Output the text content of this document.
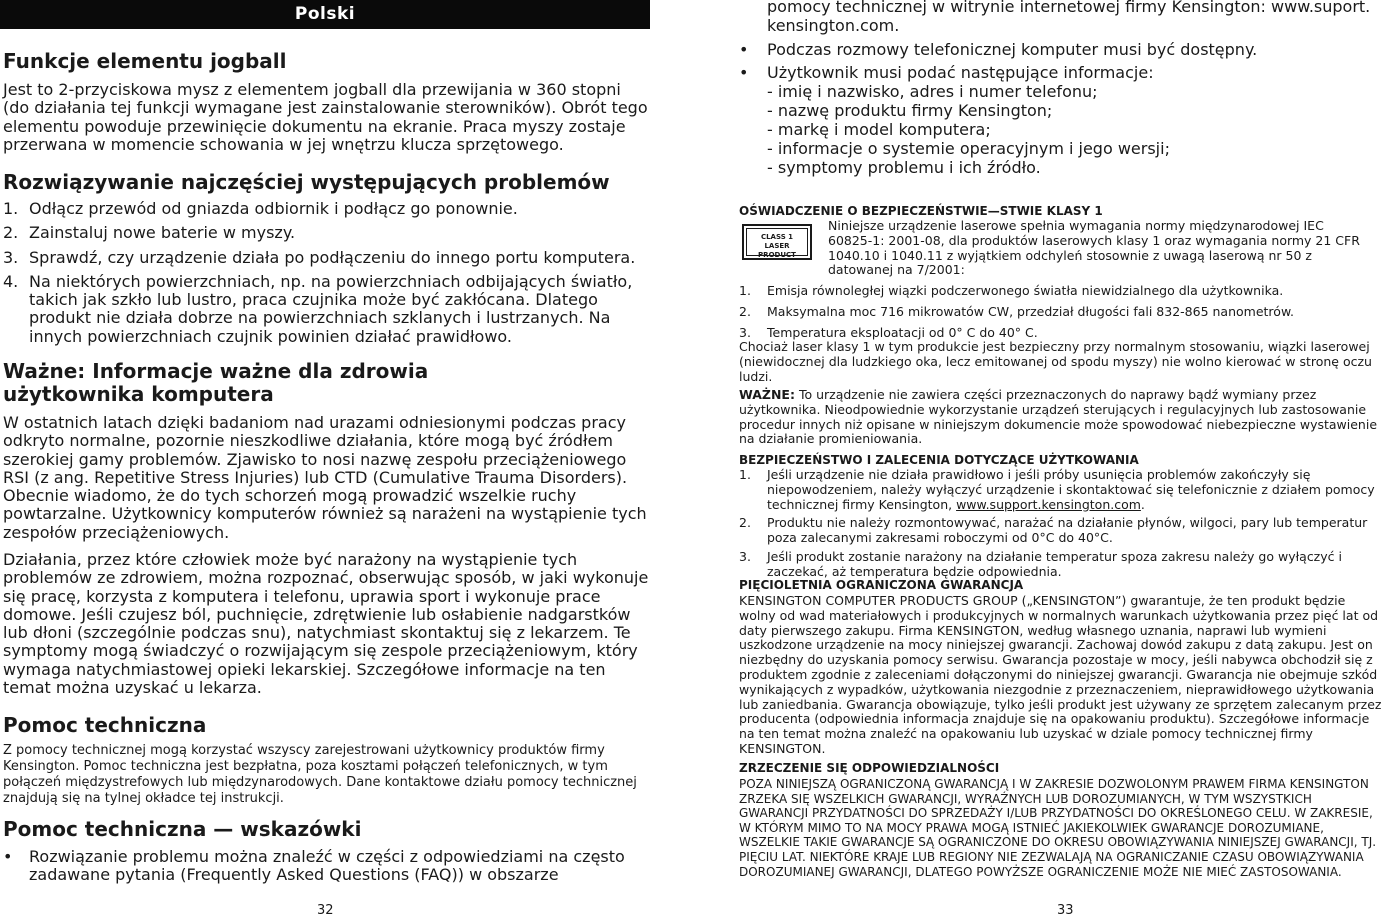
Polski
Funkcje elementu jogball

Jest to 2-przyciskowa mysz z elementem jogball dla przewijania w 360 stopni (do działania tej funkcji wymagane jest zainstalowanie sterowników). Obrót tego elementu powoduje przewinięcie dokumentu na ekranie. Praca myszy zostaje przerwana w momencie schowania w jej wnętrzu klucza sprzętowego.

Rozwiązywanie najczęściej występujących problemów
1. Odłącz przewód od gniazda odbiornik i podłącz go ponownie.
2. Zainstaluj nowe baterie w myszy.
3. Sprawdź, czy urządzenie działa po podłączeniu do innego portu komputera.
4. Na niektórych powierzchniach, np. na powierzchniach odbijających światło, takich jak szkło lub lustro, praca czujnika może być zakłócana. Dlatego produkt nie działa dobrze na powierzchniach szklanych i lustrzanych. Na innych powierzchniach czujnik powinien działać prawidłowo.
Ważne: Informacje ważne dla zdrowia użytkownika komputera

W ostatnich latach dzięki badaniom nad urazami odniesionymi podczas pracy odkryto normalne, pozornie nieszkodliwe działania, które mogą być źródłem szerokiej gamy problemów. Zjawisko to nosi nazwę zespołu przeciążeniowego RSI (z ang. Repetitive Stress Injuries) lub CTD (Cumulative Trauma Disorders). Obecnie wiadomo, że do tych schorzeń mogą prowadzić wszelkie ruchy powtarzalne. Użytkownicy komputerów również są narażeni na wystąpienie tych zespołów przeciążeniowych.

Działania, przez które człowiek może być narażony na wystąpienie tych problemów ze zdrowiem, można rozpoznać, obserwując sposób, w jaki wykonuje się pracę, korzysta z komputera i telefonu, uprawia sport i wykonuje prace domowe. Jeśli czujesz ból, puchnięcie, zdrętwienie lub osłabienie nadgarstków lub dłoni (szczególnie podczas snu), natychmiast skontaktuj się z lekarzem. Te symptomy mogą świadczyć o rozwijającym się zespole przeciążeniowym, który wymaga natychmiastowej opieki lekarskiej. Szczegółowe informacje na ten temat można uzyskać u lekarza.

Pomoc techniczna

Z pomocy technicznej mogą korzystać wszyscy zarejestrowani użytkownicy produktów firmy Kensington. Pomoc techniczna jest bezpłatna, poza kosztami połączeń telefonicznych, w tym połączeń międzystrefowych lub międzynarodowych. Dane kontaktowe działu pomocy technicznej znajdują się na tylnej okładce tej instrukcji.

Pomoc techniczna — wskazówki
• Rozwiązanie problemu można znaleźć w części z odpowiedziami na często zadawane pytania (Frequently Asked Questions (FAQ)) w obszarze
32

pomocy technicznej w witrynie internetowej firmy Kensington: www.suport. kensington.com.

• Podczas rozmowy telefonicznej komputer musi być dostępny.
• Użytkownik musi podać następujące informacje:
- imię i nazwisko, adres i numer telefonu;
- nazwę produktu firmy Kensington;
- markę i model komputera;
- informacje o systemie operacyjnym i jego wersji;
- symptomy problemu i ich źródło.
OŚWIADCZENIE O BEZPIECZEŃSTWIE—STWIE KLASY 1
CLASS 1
LASER PRODUCT

Niniejsze urządzenie laserowe spełnia wymagania normy międzynarodowej IEC 60825-1: 2001-08, dla produktów laserowych klasy 1 oraz wymagania normy 21 CFR 1040.10 i 1040.11 z wyjątkiem odchyleń stosownie z uwagą laserową nr 50 z datowanej na 7/2001:

1. Emisja równoległej wiązki podczerwonego światła niewidzialnego dla użytkownika.
2. Maksymalna moc 716 mikrowatów CW, przedział długości fali 832-865 nanometrów.
3. Temperatura eksploatacji od 0° C do 40° C.

Chociaż laser klasy 1 w tym produkcie jest bezpieczny przy normalnym stosowaniu, wiązki laserowej (niewidocznej dla ludzkiego oka, lecz emitowanej od spodu myszy) nie wolno kierować w stronę oczu ludzi.

WAŻNE: To urządzenie nie zawiera części przeznaczonych do naprawy bądź wymiany przez użytkownika. Nieodpowiednie wykorzystanie urządzeń sterujących i regulacyjnych lub zastosowanie procedur innych niż opisane w niniejszym dokumencie może spowodować niebezpieczne wystawienie na działanie promieniowania.

BEZPIECZEŃSTWO I ZALECENIA DOTYCZĄCE UŻYTKOWANIA
1. Jeśli urządzenie nie działa prawidłowo i jeśli próby usunięcia problemów zakończyły się niepowodzeniem, należy wyłączyć urządzenie i skontaktować się telefonicznie z działem pomocy technicznej firmy Kensington, www.support.kensington.com.
2. Produktu nie należy rozmontowywać, narażać na działanie płynów, wilgoci, pary lub temperatur poza zalecanymi zakresami roboczymi od 0°C do 40°C.
3. Jeśli produkt zostanie narażony na działanie temperatur spoza zakresu należy go wyłączyć i zaczekać, aż temperatura będzie odpowiednia.
PIĘCIOLETNIA OGRANICZONA GWARANCJA

KENSINGTON COMPUTER PRODUCTS GROUP („KENSINGTON”) gwarantuje, że ten produkt będzie wolny od wad materiałowych i produkcyjnych w normalnych warunkach użytkowania przez pięć lat od daty pierwszego zakupu. Firma KENSINGTON, według własnego uznania, naprawi lub wymieni uszkodzone urządzenie na mocy niniejszej gwarancji. Zachowaj dowód zakupu z datą zakupu. Jest on niezbędny do uzyskania pomocy serwisu. Gwarancja pozostaje w mocy, jeśli nabywca obchodził się z produktem zgodnie z zaleceniami dołączonymi do niniejszej gwarancji. Gwarancja nie obejmuje szkód wynikających z wypadków, użytkowania niezgodnie z przeznaczeniem, nieprawidłowego użytkowania lub zaniedbania. Gwarancja obowiązuje, tylko jeśli produkt jest używany ze sprzętem zalecanym przez producenta (odpowiednia informacja znajduje się na opakowaniu produktu). Szczegółowe informacje na ten temat można znaleźć na opakowaniu lub uzyskać w dziale pomocy technicznej firmy KENSINGTON.

ZRZECZENIE SIĘ ODPOWIEDZIALNOŚCI

POZA NINIEJSZĄ OGRANICZONĄ GWARANCJĄ I W ZAKRESIE DOZWOLONYM PRAWEM FIRMA KENSINGTON ZRZEKA SIĘ WSZELKICH GWARANCJI, WYRAŹNYCH LUB DOROZUMIANYCH, W TYM WSZYSTKICH GWARANCJI PRZYDATNOŚCI DO SPRZEDAŻY I/LUB PRZYDATNOŚCI DO OKREŚLONEGO CELU. W ZAKRESIE, W KTÓRYM MIMO TO NA MOCY PRAWA MOGĄ ISTNIEĆ JAKIEKOLWIEK GWARANCJE DOROZUMIANE, WSZELKIE TAKIE GWARANCJE SĄ OGRANICZONE DO OKRESU OBOWIĄZYWANIA NINIEJSZEJ GWARANCJI, TJ. PIĘCIU LAT. NIEKTÓRE KRAJE LUB REGIONY NIE ZEZWALAJĄ NA OGRANICZANIE CZASU OBOWIĄZYWANIA DOROZUMIANEJ GWARANCJI, DLATEGO POWYŻSZE OGRANICZENIE MOŻE NIE MIEĆ ZASTOSOWANIA.

33
